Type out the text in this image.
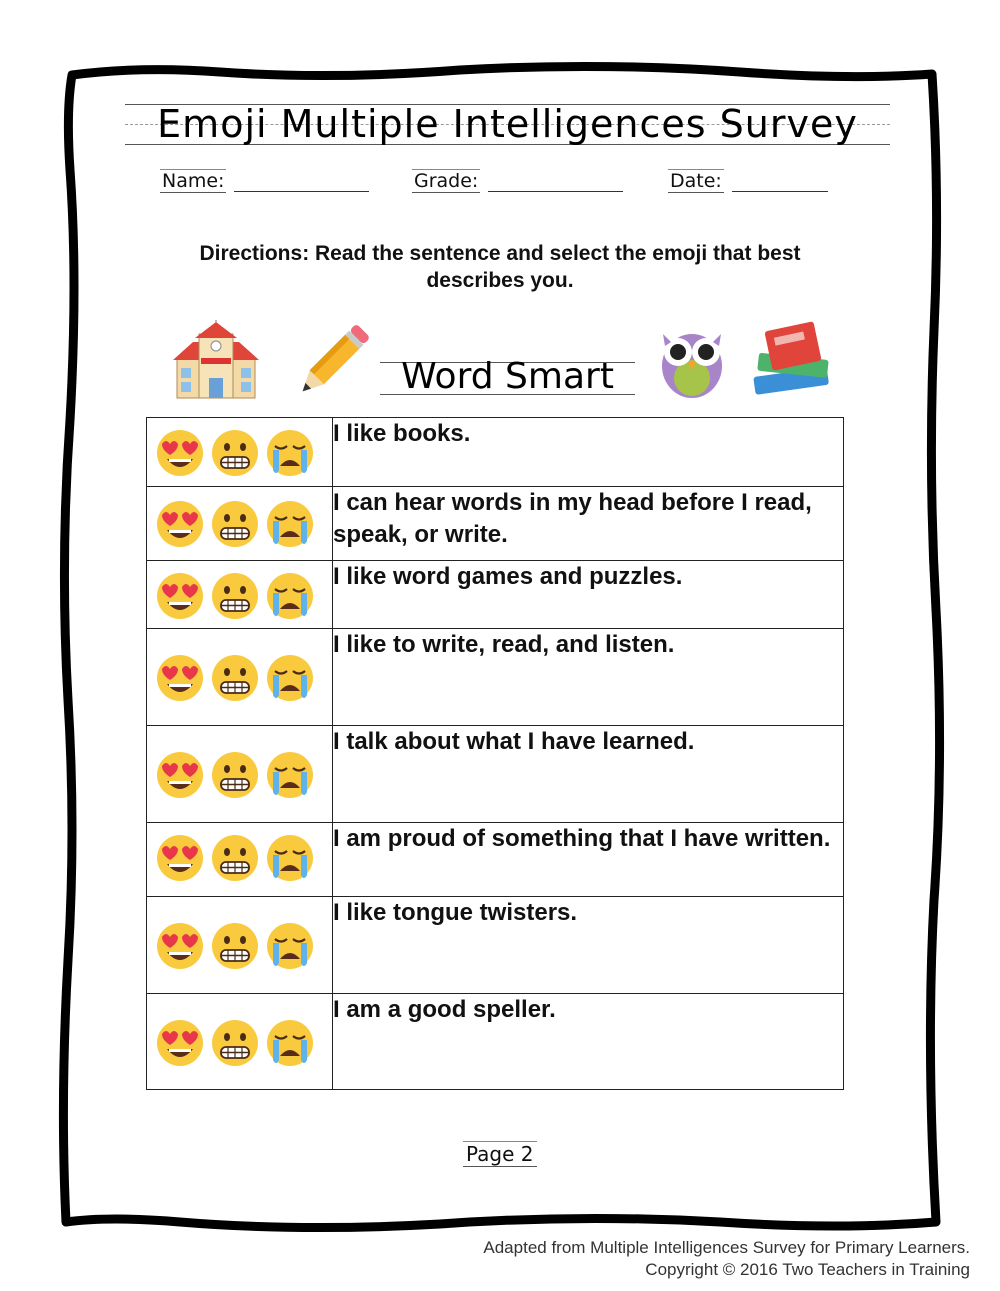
Emoji Multiple Intelligences Survey
Name:	Grade:	Date:
Directions: Read the sentence and select the emoji that best describes you.
Word Smart
	I like books.

	I can hear words in my head before I read, speak, or write.

	I like word games and puzzles.

	I like to write, read, and listen.

	I talk about what I have learned.

	I am proud of something that I have written.

	I like tongue twisters.

	I am a good speller.
Page 2
Adapted from Multiple Intelligences Survey for Primary Learners.
Copyright © 2016 Two Teachers in Training
